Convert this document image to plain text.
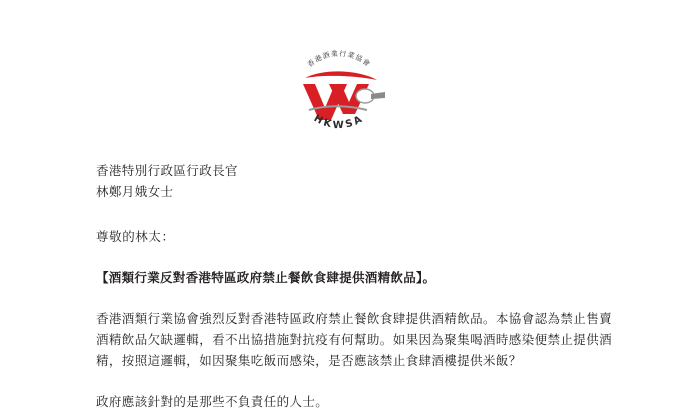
香港酒業行業協會
HKWSA
香港特別行政區行政長官
林鄭月娥女士
尊敬的林太：
【酒類行業反對香港特區政府禁止餐飲食肆提供酒精飲品】。
香港酒類行業協會強烈反對香港特區政府禁止餐飲食肆提供酒精飲品。本協會認為禁止售賣
酒精飲品欠缺邏輯，看不出協措施對抗疫有何幫助。如果因為聚集喝酒時感染便禁止提供酒
精，按照這邏輯，如因聚集吃飯而感染，是否應該禁止食肆酒樓提供米飯？
政府應該針對的是那些不負責任的人士。
